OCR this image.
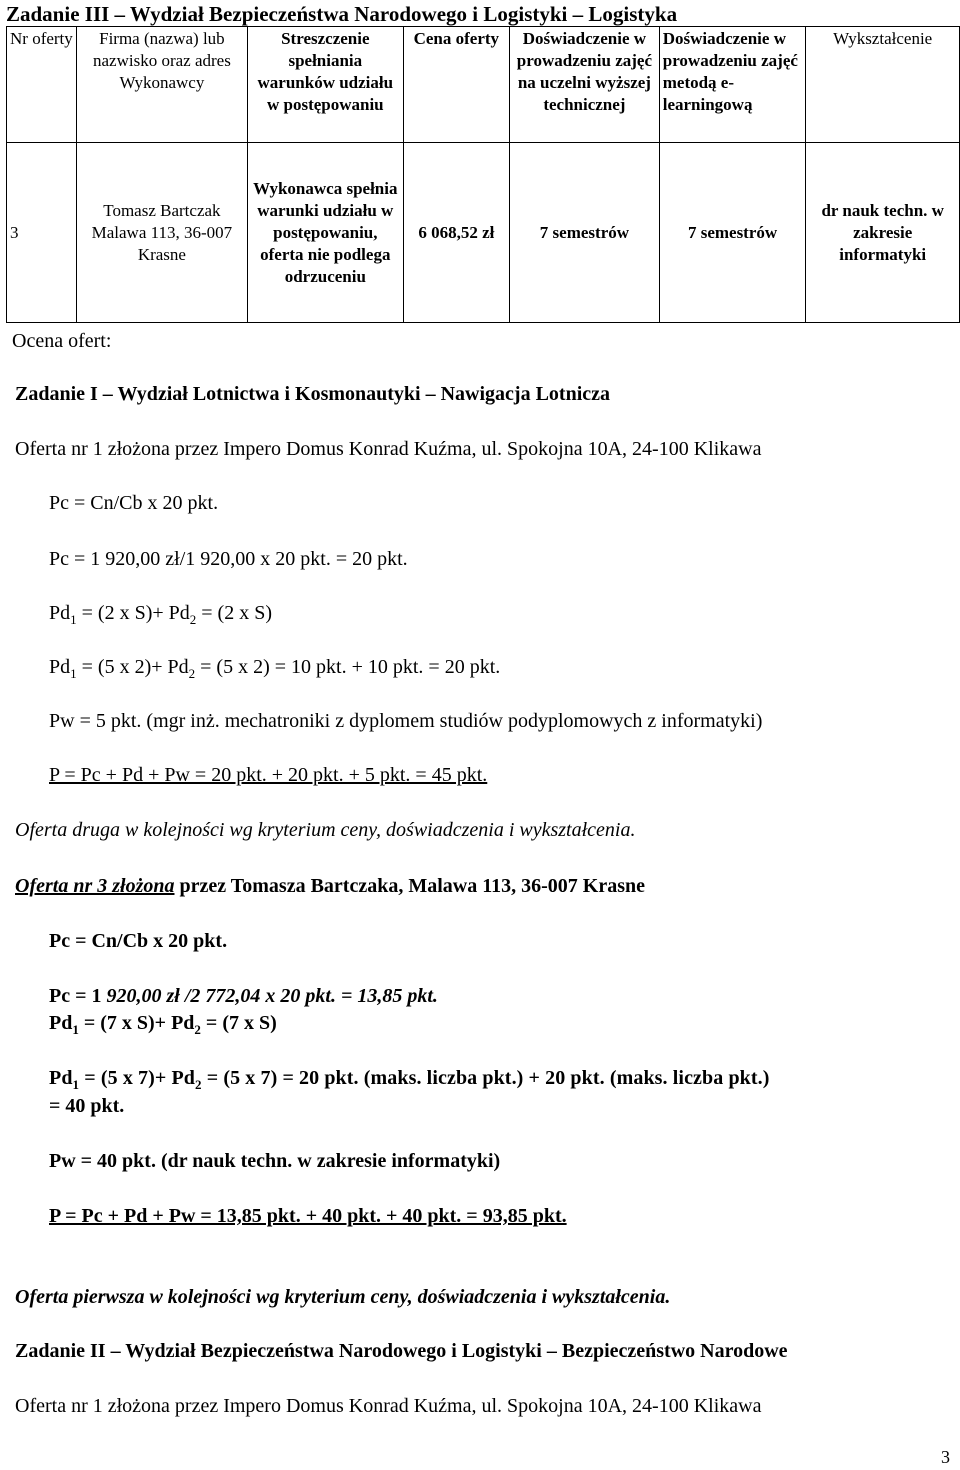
Zadanie III – Wydział Bezpieczeństwa Narodowego i Logistyki – Logistyka
Nr oferty	Firma (nazwa) lub nazwisko oraz adres Wykonawcy	Streszczenie spełniania warunków udziału w postępowaniu	Cena oferty	Doświadczenie w prowadzeniu zajęć na uczelni wyższej technicznej	Doświadczenie w prowadzeniu zajęć metodą e-learningową	Wykształcenie
3	Tomasz Bartczak Malawa 113, 36-007 Krasne	Wykonawca spełnia warunki udziału w postępowaniu, oferta nie podlega odrzuceniu	6 068,52 zł	7 semestrów	7 semestrów	dr nauk techn. w zakresie informatyki
Ocena ofert:
Zadanie I – Wydział Lotnictwa i Kosmonautyki – Nawigacja Lotnicza
Oferta nr 1 złożona przez Impero Domus Konrad Kuźma, ul. Spokojna 10A, 24-100 Klikawa
Pc = Cn/Cb x 20 pkt.
Pc = 1 920,00 zł/1 920,00 x 20 pkt. = 20 pkt.
$Pd_1 = (2$ x $S)+ Pd_2 = (2$ x S)
$Pd_1 = (5$ x $2)+ Pd_2 = (5$ x 2) = 10 pkt. + 10 pkt. = 20 pkt.
Pw = 5 pkt. (mgr inż. mechatroniki z dyplomem studiów podyplomowych z informatyki)
P = Pc + Pd + Pw = 20 pkt. + 20 pkt. + 5 pkt. = 45 pkt.
Oferta druga w kolejności wg kryterium ceny, doświadczenia i wykształcenia.
Oferta nr 3 złożona przez Tomasza Bartczaka, Malawa 113, 36-007 Krasne
Pc = Cn/Cb x 20 pkt.
Pc = 1 920,00 zł /2 772,04 x 20 pkt. = 13,85 pkt.
$Pd_1 = (7$ x $S)+ Pd_2 = (7$ x S)
$Pd_1 = (5$ x $7)+ Pd_2 = (5$ x 7) = 20 pkt. (maks. liczba pkt.) + 20 pkt. (maks. liczba pkt.)
= 40 pkt.
Pw = 40 pkt. (dr nauk techn. w zakresie informatyki)
P = Pc + Pd + Pw = 13,85 pkt. + 40 pkt. + 40 pkt. = 93,85 pkt.
Oferta pierwsza w kolejności wg kryterium ceny, doświadczenia i wykształcenia.
Zadanie II – Wydział Bezpieczeństwa Narodowego i Logistyki – Bezpieczeństwo Narodowe
Oferta nr 1 złożona przez Impero Domus Konrad Kuźma, ul. Spokojna 10A, 24-100 Klikawa
3
